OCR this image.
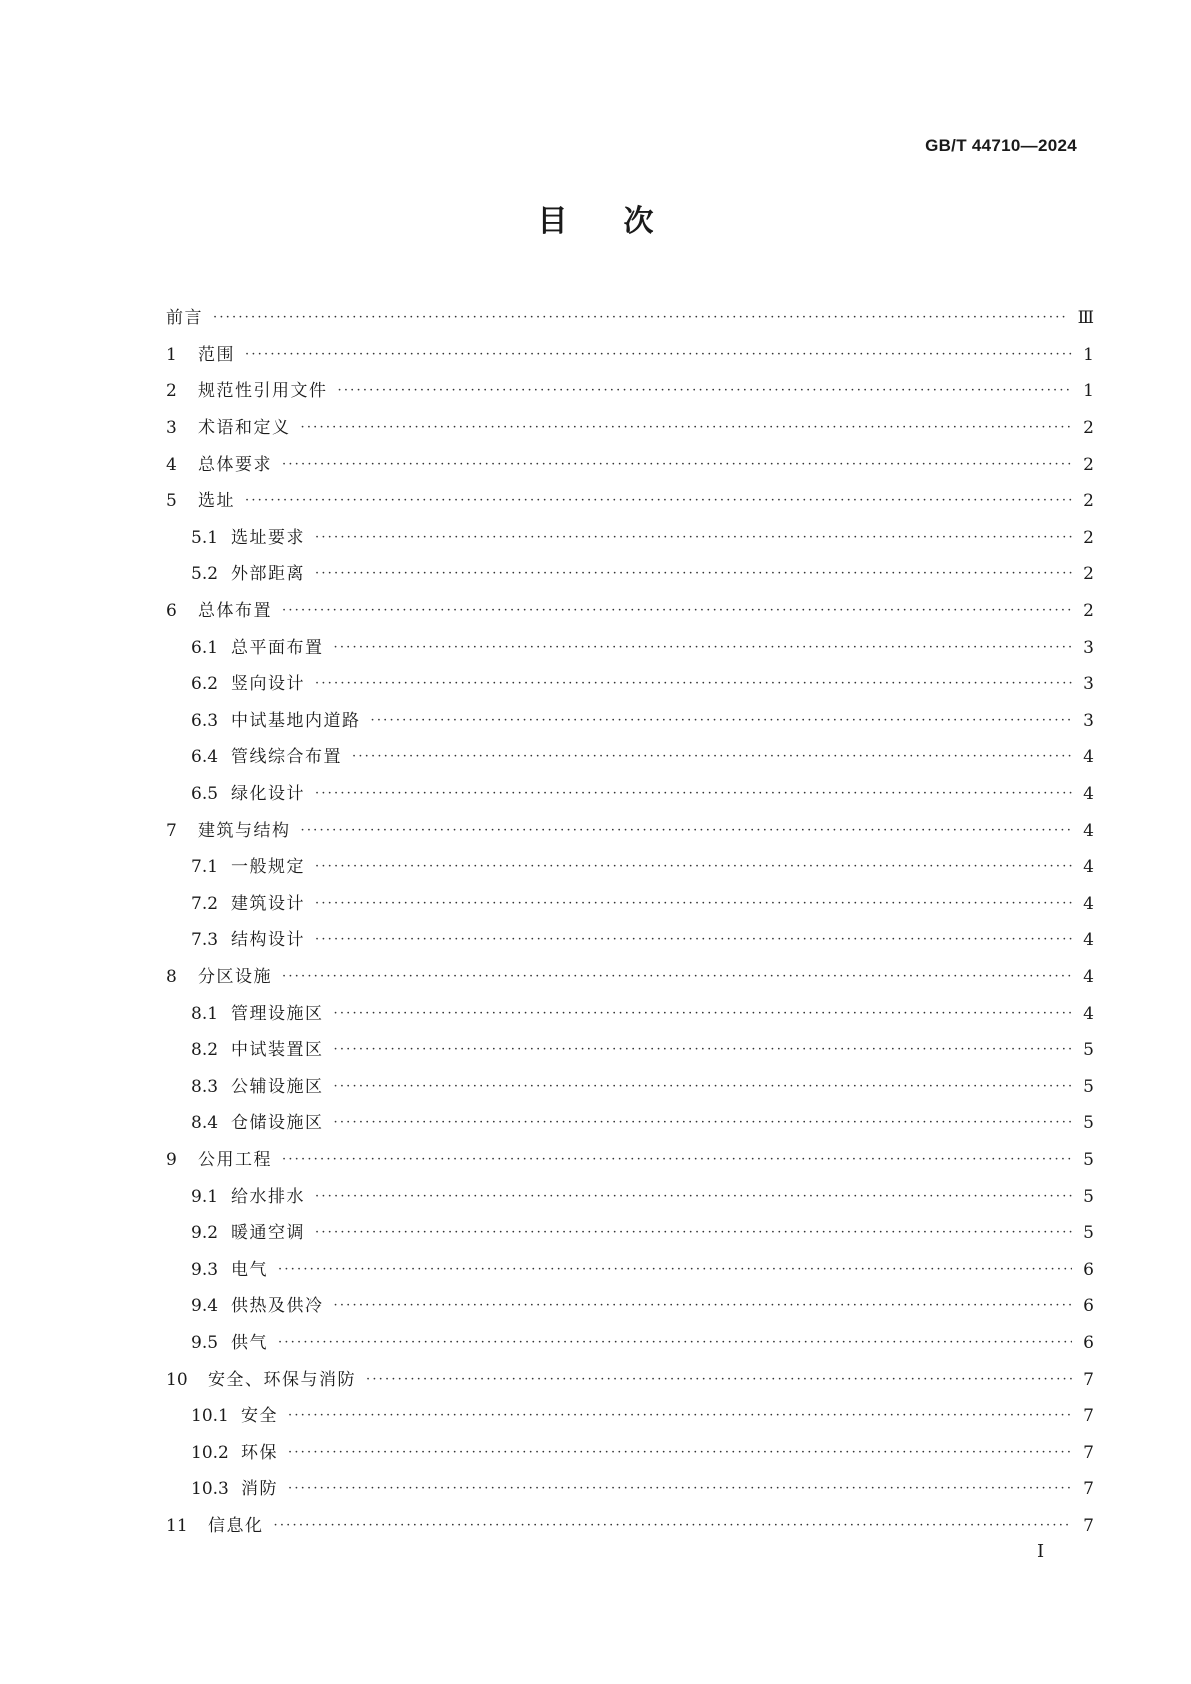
GB/T 44710—2024
目 次
前言 ·····	Ⅲ
1	范围 ·····	1
2	规范性引用文件 ·····	1
3	术语和定义 ·····	2
4	总体要求 ·····	2
5	选址 ·····	2
5.1 选址要求 ·····	2
5.2 外部距离 ·····	2
6	总体布置 ·····	2
6.1 总平面布置 ·····	3
6.2 竖向设计 ·····	3
6.3 中试基地内道路 ·····	3
6.4 管线综合布置 ·····	4
6.5 绿化设计 ·····	4
7	建筑与结构 ·····	4
7.1 一般规定 ·····	4
7.2 建筑设计 ·····	4
7.3 结构设计 ·····	4
8	分区设施 ·····	4
8.1 管理设施区 ·····	4
8.2 中试装置区 ·····	5
8.3 公辅设施区 ·····	5
8.4 仓储设施区 ·····	5
9	公用工程 ·····	5
9.1 给水排水 ·····	5
9.2 暖通空调 ·····	5
9.3 电气 ·····	6
9.4 供热及供冷 ·····	6
9.5 供气 ·····	6
10	安全、环保与消防 ·····	7
10.1 安全 ·····	7
10.2 环保 ·····	7
10.3 消防 ·····	7
11	信息化 ·····	7
I
